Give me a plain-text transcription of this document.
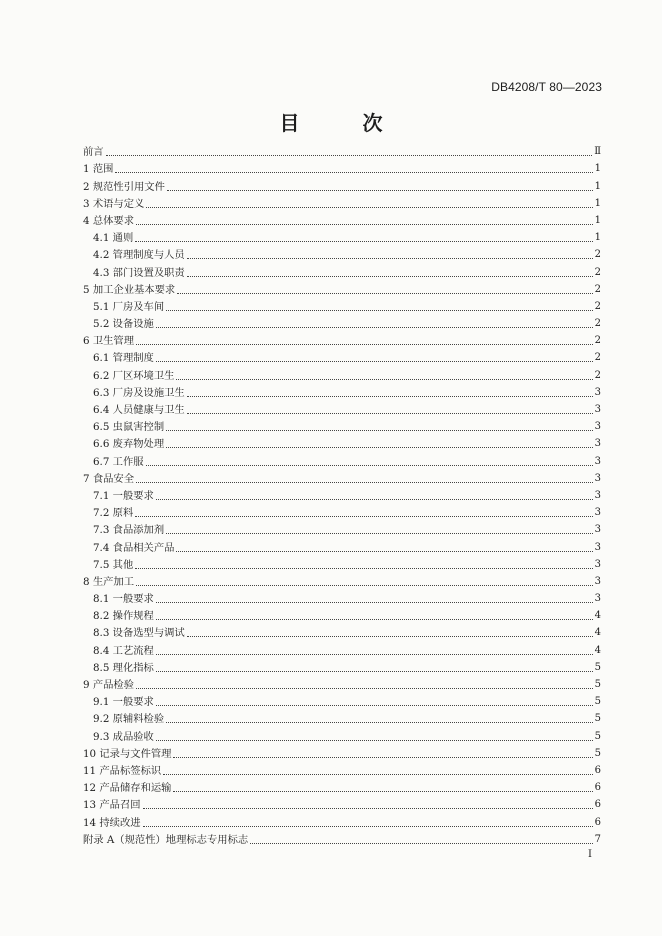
DB4208/T 80—2023
目 次
前言	Ⅱ
1 范围	1
2 规范性引用文件	1
3 术语与定义	1
4 总体要求	1
4.1 通则	1
4.2 管理制度与人员	2
4.3 部门设置及职责	2
5 加工企业基本要求	2
5.1 厂房及车间	2
5.2 设备设施	2
6 卫生管理	2
6.1 管理制度	2
6.2 厂区环境卫生	2
6.3 厂房及设施卫生	3
6.4 人员健康与卫生	3
6.5 虫鼠害控制	3
6.6 废弃物处理	3
6.7 工作服	3
7 食品安全	3
7.1 一般要求	3
7.2 原料	3
7.3 食品添加剂	3
7.4 食品相关产品	3
7.5 其他	3
8 生产加工	3
8.1 一般要求	3
8.2 操作规程	4
8.3 设备选型与调试	4
8.4 工艺流程	4
8.5 理化指标	5
9 产品检验	5
9.1 一般要求	5
9.2 原辅料检验	5
9.3 成品验收	5
10 记录与文件管理	5
11 产品标签标识	6
12 产品储存和运输	6
13 产品召回	6
14 持续改进	6
附录 A（规范性）地理标志专用标志	7
I
